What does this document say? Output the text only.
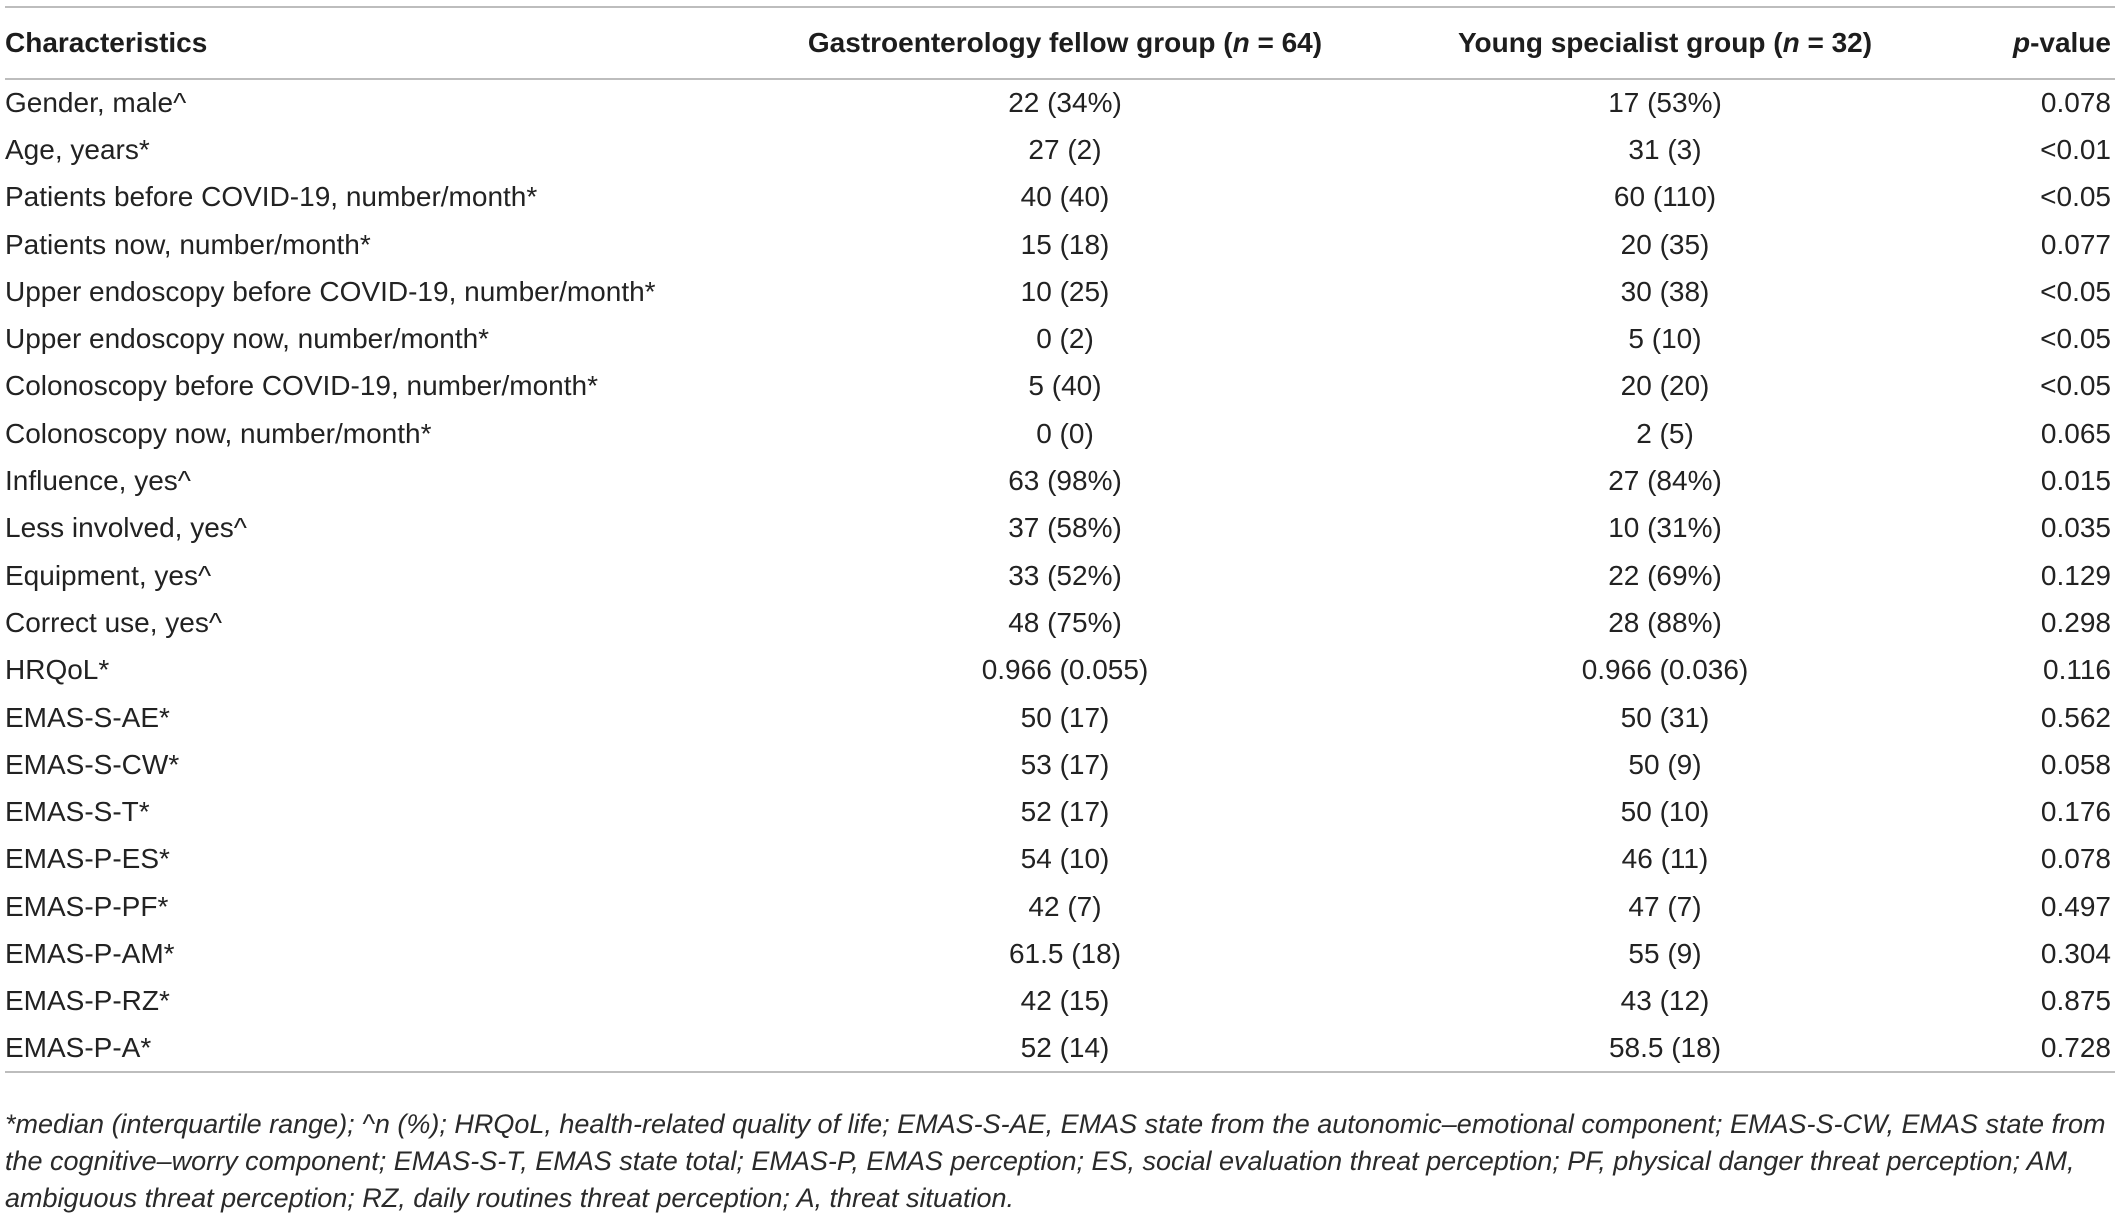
Characteristics	Gastroenterology fellow group (n = 64)	Young specialist group (n = 32)	p-value
Gender, male^	22 (34%)	17 (53%)	0.078
Age, years*	27 (2)	31 (3)	<0.01
Patients before COVID-19, number/month*	40 (40)	60 (110)	<0.05
Patients now, number/month*	15 (18)	20 (35)	0.077
Upper endoscopy before COVID-19, number/month*	10 (25)	30 (38)	<0.05
Upper endoscopy now, number/month*	0 (2)	5 (10)	<0.05
Colonoscopy before COVID-19, number/month*	5 (40)	20 (20)	<0.05
Colonoscopy now, number/month*	0 (0)	2 (5)	0.065
Influence, yes^	63 (98%)	27 (84%)	0.015
Less involved, yes^	37 (58%)	10 (31%)	0.035
Equipment, yes^	33 (52%)	22 (69%)	0.129
Correct use, yes^	48 (75%)	28 (88%)	0.298
HRQoL*	0.966 (0.055)	0.966 (0.036)	0.116
EMAS-S-AE*	50 (17)	50 (31)	0.562
EMAS-S-CW*	53 (17)	50 (9)	0.058
EMAS-S-T*	52 (17)	50 (10)	0.176
EMAS-P-ES*	54 (10)	46 (11)	0.078
EMAS-P-PF*	42 (7)	47 (7)	0.497
EMAS-P-AM*	61.5 (18)	55 (9)	0.304
EMAS-P-RZ*	42 (15)	43 (12)	0.875
EMAS-P-A*	52 (14)	58.5 (18)	0.728
*median (interquartile range); ^n (%); HRQoL, health-related quality of life; EMAS-S-AE, EMAS state from the autonomic–emotional component; EMAS-S-CW, EMAS state from the cognitive–worry component; EMAS-S-T, EMAS state total; EMAS-P, EMAS perception; ES, social evaluation threat perception; PF, physical danger threat perception; AM, ambiguous threat perception; RZ, daily routines threat perception; A, threat situation.
